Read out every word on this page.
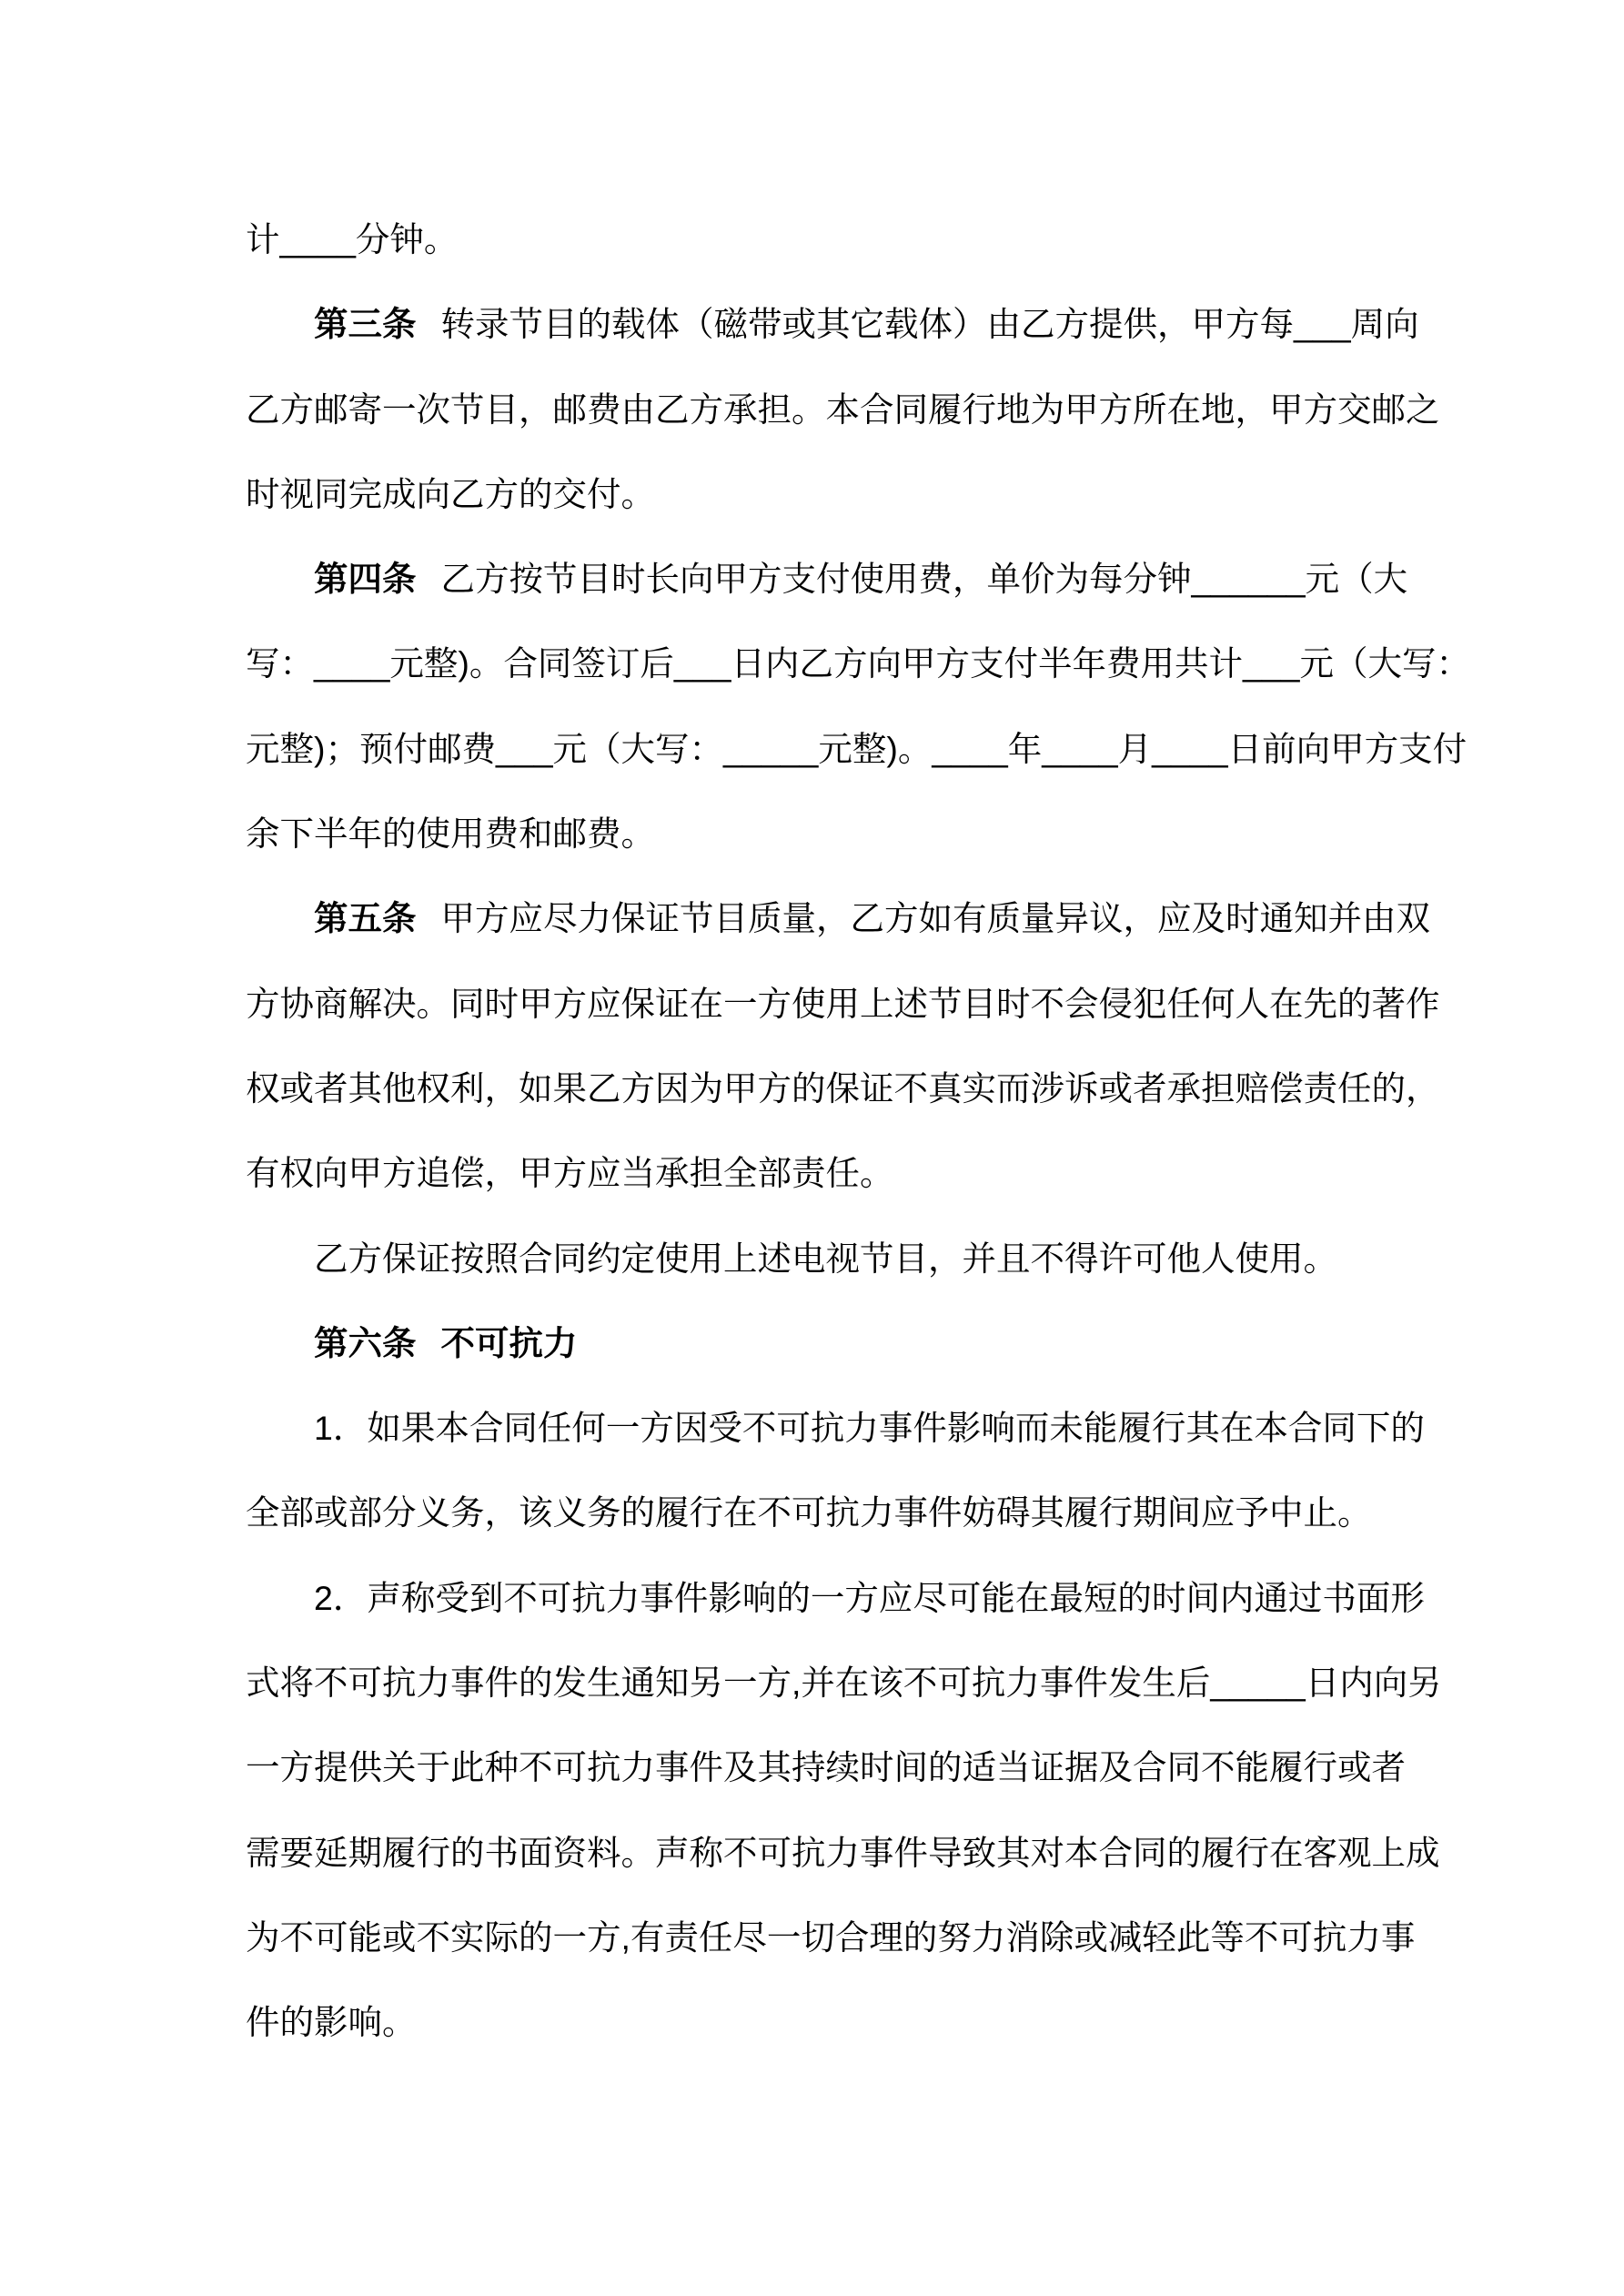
计____分钟。
第三条 转录节目的载体（磁带或其它载体）由乙方提供，甲方每___周向
乙方邮寄一次节目，邮费由乙方承担。本合同履行地为甲方所在地，甲方交邮之
时视同完成向乙方的交付。
第四条 乙方按节目时长向甲方支付使用费，单价为每分钟______元（大
写：____元整)。合同签订后___日内乙方向甲方支付半年费用共计___元（大写：
元整)；预付邮费___元（大写：_____元整)。____年____月____日前向甲方支付
余下半年的使用费和邮费。
第五条 甲方应尽力保证节目质量，乙方如有质量异议，应及时通知并由双
方协商解决。同时甲方应保证在一方使用上述节目时不会侵犯任何人在先的著作
权或者其他权利，如果乙方因为甲方的保证不真实而涉诉或者承担赔偿责任的，
有权向甲方追偿，甲方应当承担全部责任。
乙方保证按照合同约定使用上述电视节目，并且不得许可他人使用。
第六条 不可抗力
1．如果本合同任何一方因受不可抗力事件影响而未能履行其在本合同下的
全部或部分义务，该义务的履行在不可抗力事件妨碍其履行期间应予中止。
2．声称受到不可抗力事件影响的一方应尽可能在最短的时间内通过书面形
式将不可抗力事件的发生通知另一方,并在该不可抗力事件发生后_____日内向另
一方提供关于此种不可抗力事件及其持续时间的适当证据及合同不能履行或者
需要延期履行的书面资料。声称不可抗力事件导致其对本合同的履行在客观上成
为不可能或不实际的一方,有责任尽一切合理的努力消除或减轻此等不可抗力事
件的影响。
